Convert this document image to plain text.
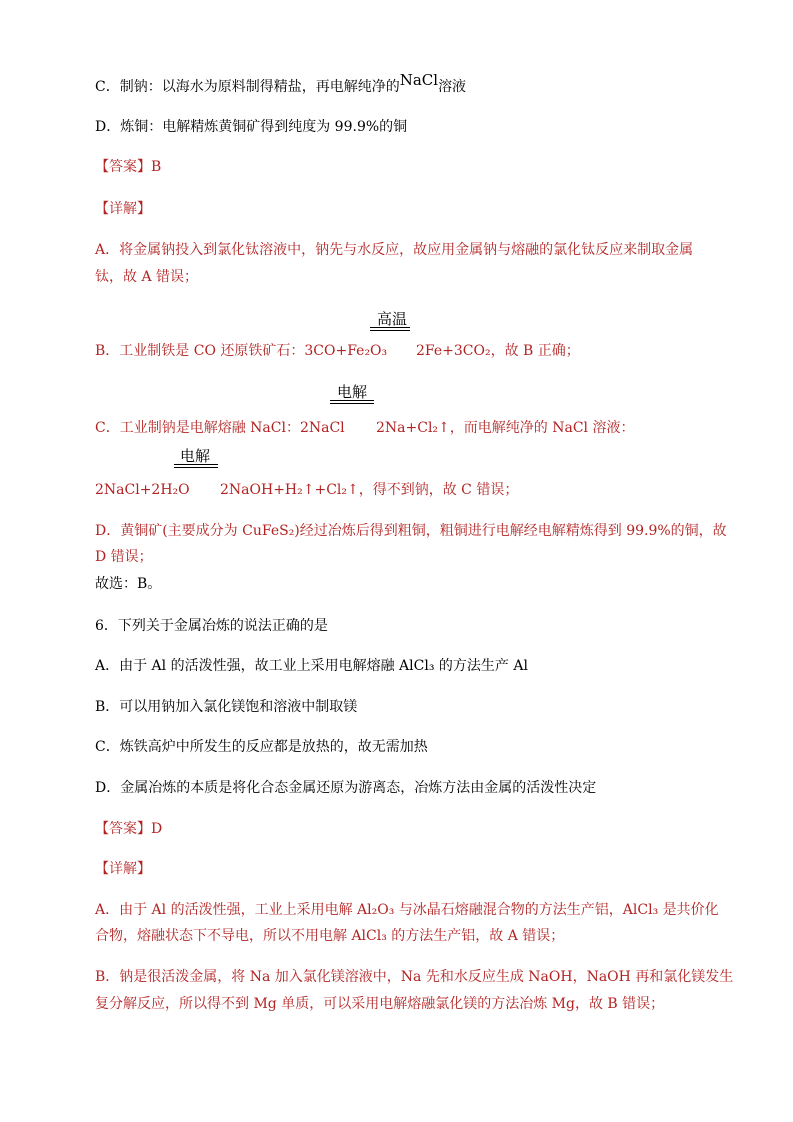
C．制钠：以海水为原料制得精盐，再电解纯净的NaCl溶液
D．炼铜：电解精炼黄铜矿得到纯度为 99.9%的铜
【答案】B
【详解】
A．将金属钠投入到氯化钛溶液中，钠先与水反应，故应用金属钠与熔融的氯化钛反应来制取金属
钛，故 A 错误；
高温
B．工业制铁是 CO 还原铁矿石：3CO+Fe₂O₃ 2Fe+3CO₂，故 B 正确；
电解
C．工业制钠是电解熔融 NaCl：2NaCl 2Na+Cl₂↑，而电解纯净的 NaCl 溶液：
电解
2NaCl+2H₂O 2NaOH+H₂↑+Cl₂↑，得不到钠，故 C 错误；
D．黄铜矿(主要成分为 CuFeS₂)经过冶炼后得到粗铜，粗铜进行电解经电解精炼得到 99.9%的铜，故
D 错误；
故选：B。
6．下列关于金属冶炼的说法正确的是
A．由于 Al 的活泼性强，故工业上采用电解熔融 AlCl₃ 的方法生产 Al
B．可以用钠加入氯化镁饱和溶液中制取镁
C．炼铁高炉中所发生的反应都是放热的，故无需加热
D．金属冶炼的本质是将化合态金属还原为游离态，冶炼方法由金属的活泼性决定
【答案】D
【详解】
A．由于 Al 的活泼性强，工业上采用电解 Al₂O₃ 与冰晶石熔融混合物的方法生产铝，AlCl₃ 是共价化
合物，熔融状态下不导电，所以不用电解 AlCl₃ 的方法生产铝，故 A 错误；
B．钠是很活泼金属，将 Na 加入氯化镁溶液中，Na 先和水反应生成 NaOH，NaOH 再和氯化镁发生
复分解反应，所以得不到 Mg 单质，可以采用电解熔融氯化镁的方法冶炼 Mg，故 B 错误；
